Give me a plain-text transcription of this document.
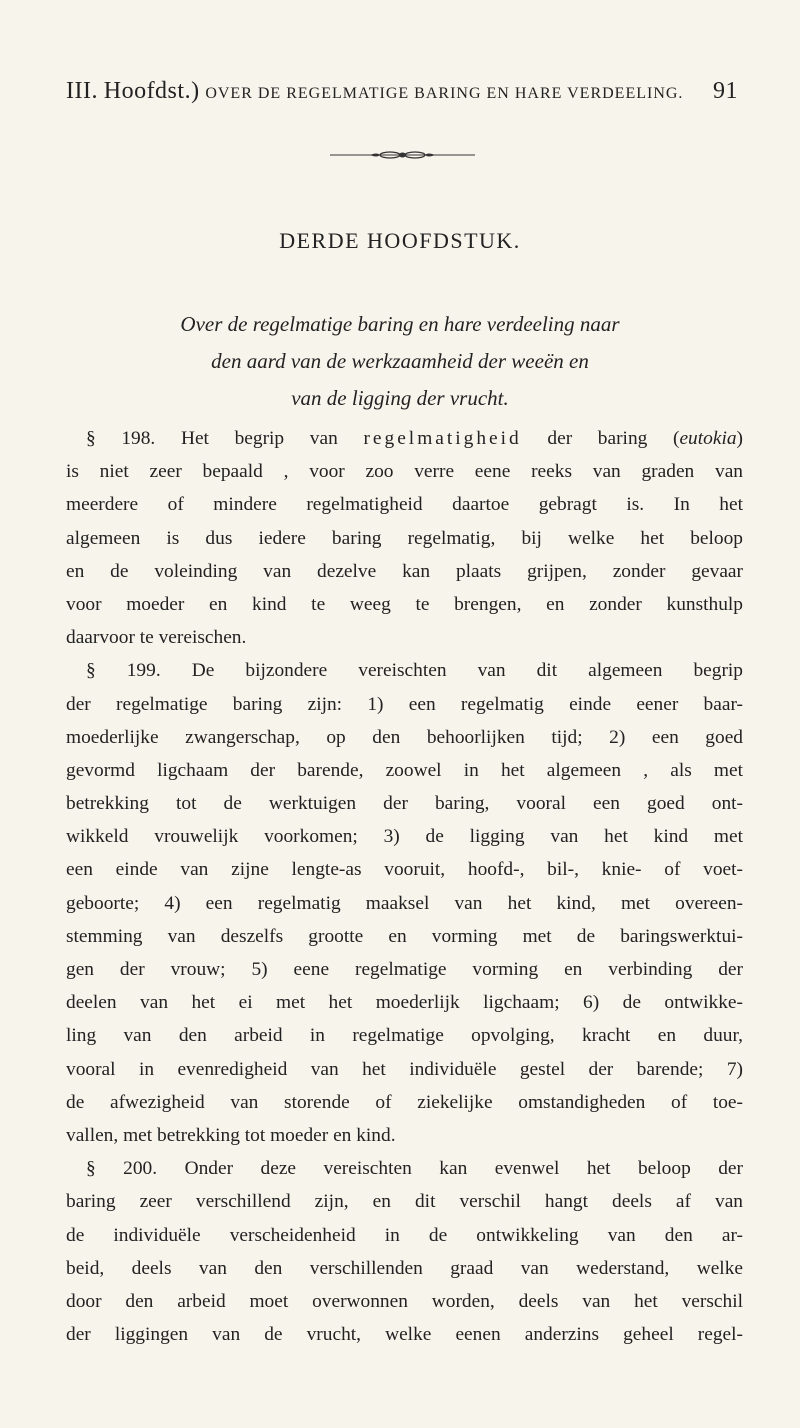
III. Hoofdst.) OVER DE REGELMATIGE BARING EN HARE VERDEELING. 91
DERDE HOOFDSTUK.
Over de regelmatige baring en hare verdeeling naar
den aard van de werkzaamheid der weeën en
van de ligging der vrucht.
§ 198. Het begrip van regelmatigheid der baring (eutokia)
is niet zeer bepaald , voor zoo verre eene reeks van graden van
meerdere of mindere regelmatigheid daartoe gebragt is. In het
algemeen is dus iedere baring regelmatig, bij welke het beloop
en de voleinding van dezelve kan plaats grijpen, zonder gevaar
voor moeder en kind te weeg te brengen, en zonder kunsthulp
daarvoor te vereischen.
§ 199. De bijzondere vereischten van dit algemeen begrip
der regelmatige baring zijn: 1) een regelmatig einde eener baar-
moederlijke zwangerschap, op den behoorlijken tijd; 2) een goed
gevormd ligchaam der barende, zoowel in het algemeen , als met
betrekking tot de werktuigen der baring, vooral een goed ont-
wikkeld vrouwelijk voorkomen; 3) de ligging van het kind met
een einde van zijne lengte-as vooruit, hoofd-, bil-, knie- of voet-
geboorte; 4) een regelmatig maaksel van het kind, met overeen-
stemming van deszelfs grootte en vorming met de baringswerktui-
gen der vrouw; 5) eene regelmatige vorming en verbinding der
deelen van het ei met het moederlijk ligchaam; 6) de ontwikke-
ling van den arbeid in regelmatige opvolging, kracht en duur,
vooral in evenredigheid van het individuële gestel der barende; 7)
de afwezigheid van storende of ziekelijke omstandigheden of toe-
vallen, met betrekking tot moeder en kind.
§ 200. Onder deze vereischten kan evenwel het beloop der
baring zeer verschillend zijn, en dit verschil hangt deels af van
de individuële verscheidenheid in de ontwikkeling van den ar-
beid, deels van den verschillenden graad van wederstand, welke
door den arbeid moet overwonnen worden, deels van het verschil
der liggingen van de vrucht, welke eenen anderzins geheel regel-
